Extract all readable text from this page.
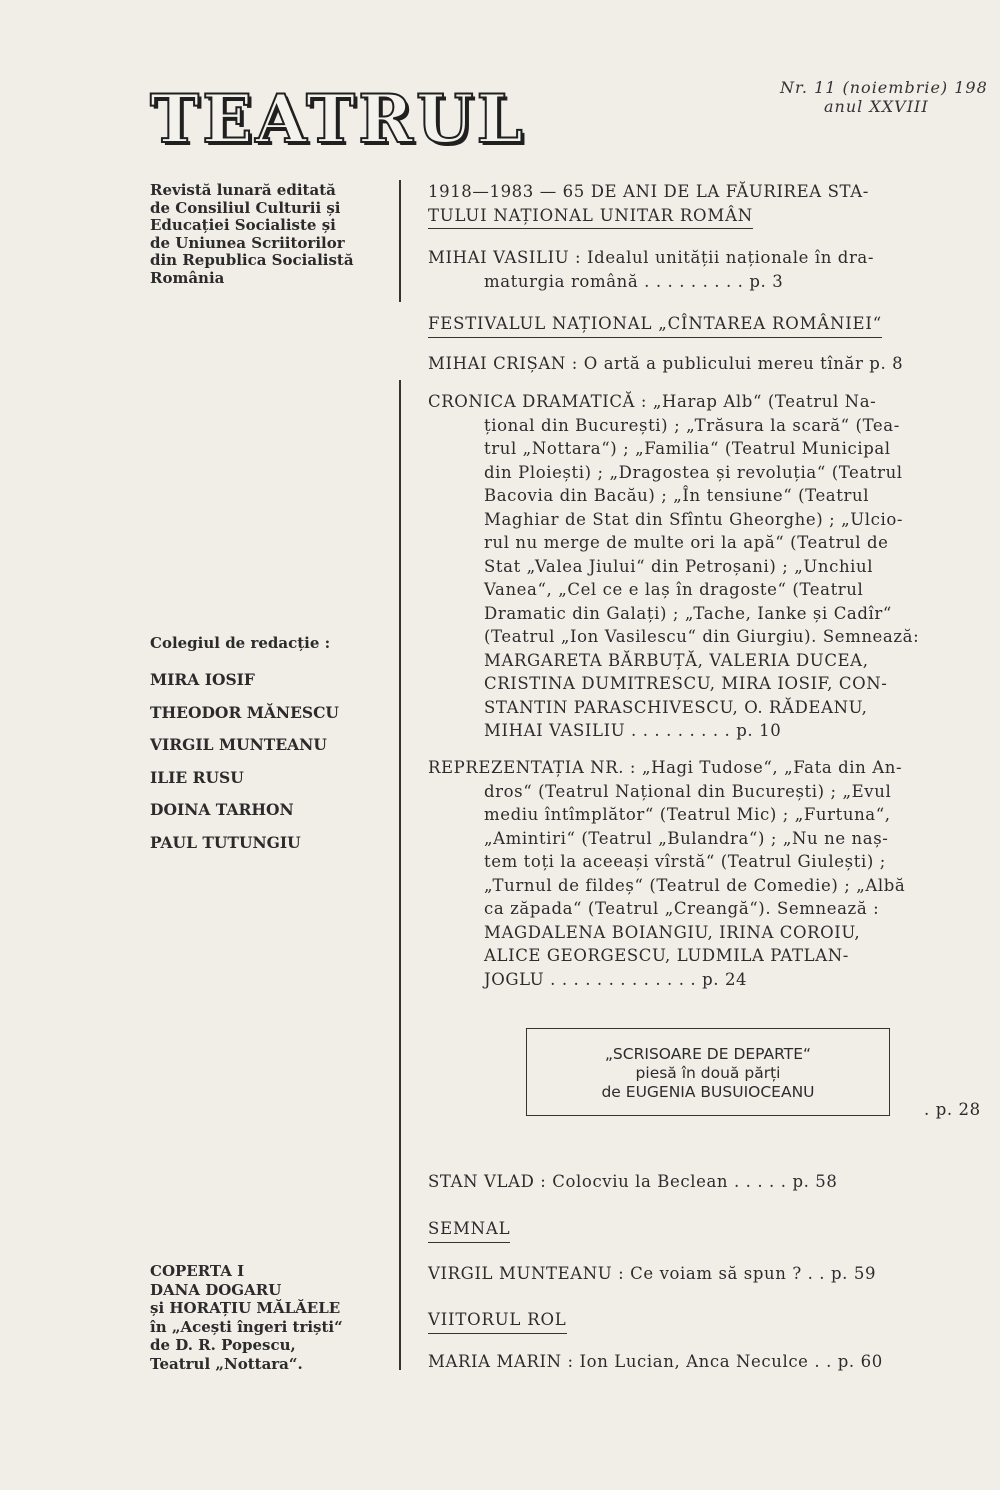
TEATRUL	Nr. 11 (noiembrie) 198
anul XXVIII
Revistă lunară editată
de Consiliul Culturii și
Educației Socialiste și
de Uniunea Scriitorilor
din Republica Socialistă
România
Colegiul de redacție :
MIRA IOSIF
THEODOR MĂNESCU
VIRGIL MUNTEANU
ILIE RUSU
DOINA TARHON
PAUL TUTUNGIU
COPERTA I
DANA DOGARU
și HORAȚIU MĂLĂELE
în „Acești îngeri triști“
de D. R. Popescu,
Teatrul „Nottara“.
1918—1983 — 65 DE ANI DE LA FĂURIREA STA-
TULUI NAȚIONAL UNITAR ROMÂN
MIHAI VASILIU : Idealul unității naționale în dra-
maturgia română . . . . . . . . . p. 3
FESTIVALUL NAȚIONAL „CÎNTAREA ROMÂNIEI“
MIHAI CRIȘAN : O artă a publicului mereu tînăr p. 8
CRONICA DRAMATICĂ : „Harap Alb“ (Teatrul Na-
țional din București) ; „Trăsura la scară“ (Tea-
trul „Nottara“) ; „Familia“ (Teatrul Municipal
din Ploiești) ; „Dragostea și revoluția“ (Teatrul
Bacovia din Bacău) ; „În tensiune“ (Teatrul
Maghiar de Stat din Sfîntu Gheorghe) ; „Ulcio-
rul nu merge de multe ori la apă“ (Teatrul de
Stat „Valea Jiului“ din Petroșani) ; „Unchiul
Vanea“, „Cel ce e laș în dragoste“ (Teatrul
Dramatic din Galați) ; „Tache, Ianke și Cadîr“
(Teatrul „Ion Vasilescu“ din Giurgiu). Semnează:
MARGARETA BĂRBUȚĂ, VALERIA DUCEA,
CRISTINA DUMITRESCU, MIRA IOSIF, CON-
STANTIN PARASCHIVESCU, O. RĂDEANU,
MIHAI VASILIU . . . . . . . . . p. 10
REPREZENTAȚIA NR. : „Hagi Tudose“, „Fata din An-
dros“ (Teatrul Național din București) ; „Evul
mediu întîmplător“ (Teatrul Mic) ; „Furtuna“,
„Amintiri“ (Teatrul „Bulandra“) ; „Nu ne naș-
tem toți la aceeași vîrstă“ (Teatrul Giulești) ;
„Turnul de fildeș“ (Teatrul de Comedie) ; „Albă
ca zăpada“ (Teatrul „Creangă“). Semnează :
MAGDALENA BOIANGIU, IRINA COROIU,
ALICE GEORGESCU, LUDMILA PATLAN-
JOGLU . . . . . . . . . . . . . p. 24
„SCRISOARE DE DEPARTE“
piesă în două părți
de EUGENIA BUSUIOCEANU
. p. 28
STAN VLAD : Colocviu la Beclean . . . . . p. 58
SEMNAL
VIRGIL MUNTEANU : Ce voiam să spun ? . . p. 59
VIITORUL ROL
MARIA MARIN : Ion Lucian, Anca Neculce . . p. 60
